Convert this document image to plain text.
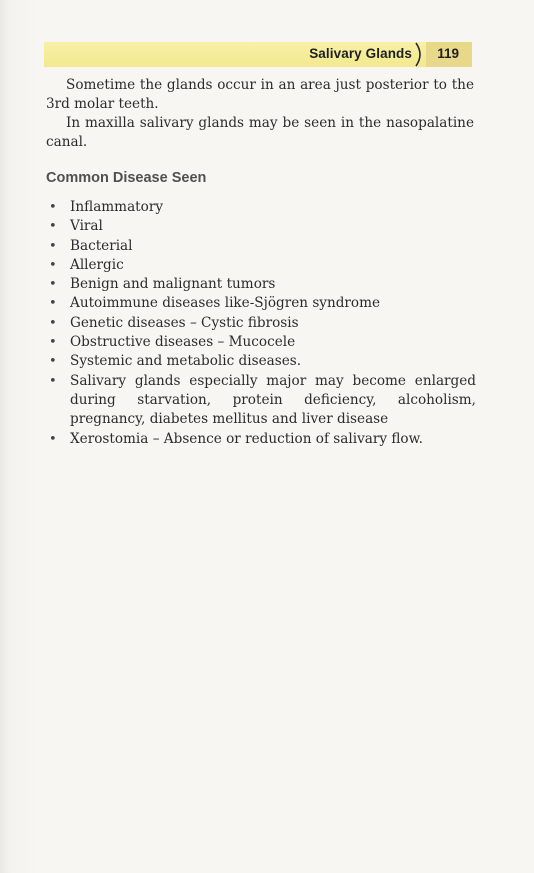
Salivary Glands 119

Sometime the glands occur in an area just posterior to the 3rd molar teeth.

In maxilla salivary glands may be seen in the nasopalatine canal.

Common Disease Seen
• Inflammatory
• Viral
• Bacterial
• Allergic
• Benign and malignant tumors
• Autoimmune diseases like-Sjögren syndrome
• Genetic diseases – Cystic fibrosis
• Obstructive diseases – Mucocele
• Systemic and metabolic diseases.
• Salivary glands especially major may become enlarged during starvation, protein deficiency, alcoholism, pregnancy, diabetes mellitus and liver disease
• Xerostomia – Absence or reduction of salivary flow.
